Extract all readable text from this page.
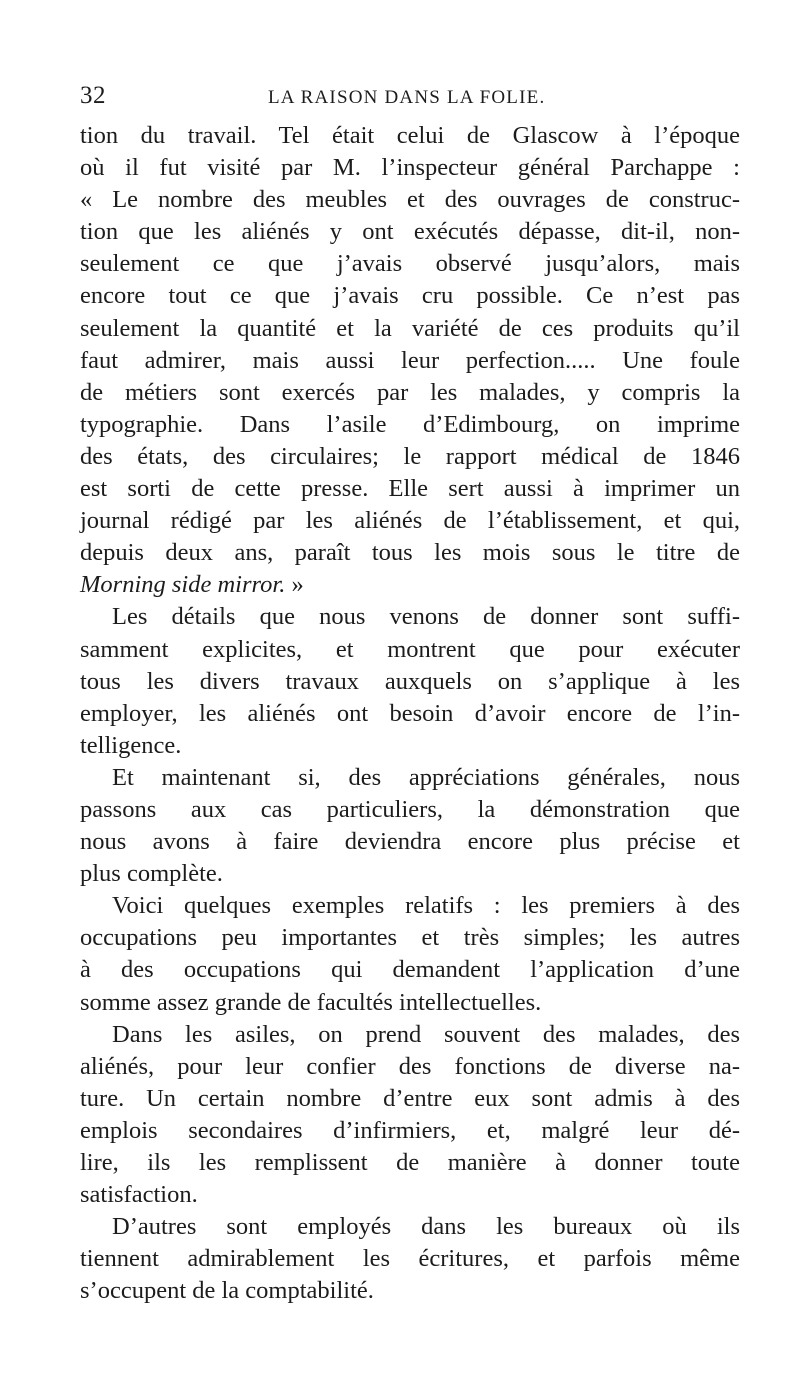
32	LA RAISON DANS LA FOLIE.
tion du travail. Tel était celui de Glascow à l’époque
où il fut visité par M. l’inspecteur général Parchappe :
« Le nombre des meubles et des ouvrages de construc-
tion que les aliénés y ont exécutés dépasse, dit-il, non-
seulement ce que j’avais observé jusqu’alors, mais
encore tout ce que j’avais cru possible. Ce n’est pas
seulement la quantité et la variété de ces produits qu’il
faut admirer, mais aussi leur perfection..... Une foule
de métiers sont exercés par les malades, y compris la
typographie. Dans l’asile d’Edimbourg, on imprime
des états, des circulaires; le rapport médical de 1846
est sorti de cette presse. Elle sert aussi à imprimer un
journal rédigé par les aliénés de l’établissement, et qui,
depuis deux ans, paraît tous les mois sous le titre de
Morning side mirror. »
Les détails que nous venons de donner sont suffi-
samment explicites, et montrent que pour exécuter
tous les divers travaux auxquels on s’applique à les
employer, les aliénés ont besoin d’avoir encore de l’in-
telligence.
Et maintenant si, des appréciations générales, nous
passons aux cas particuliers, la démonstration que
nous avons à faire deviendra encore plus précise et
plus complète.
Voici quelques exemples relatifs : les premiers à des
occupations peu importantes et très simples; les autres
à des occupations qui demandent l’application d’une
somme assez grande de facultés intellectuelles.
Dans les asiles, on prend souvent des malades, des
aliénés, pour leur confier des fonctions de diverse na-
ture. Un certain nombre d’entre eux sont admis à des
emplois secondaires d’infirmiers, et, malgré leur dé-
lire, ils les remplissent de manière à donner toute
satisfaction.
D’autres sont employés dans les bureaux où ils
tiennent admirablement les écritures, et parfois même
s’occupent de la comptabilité.
